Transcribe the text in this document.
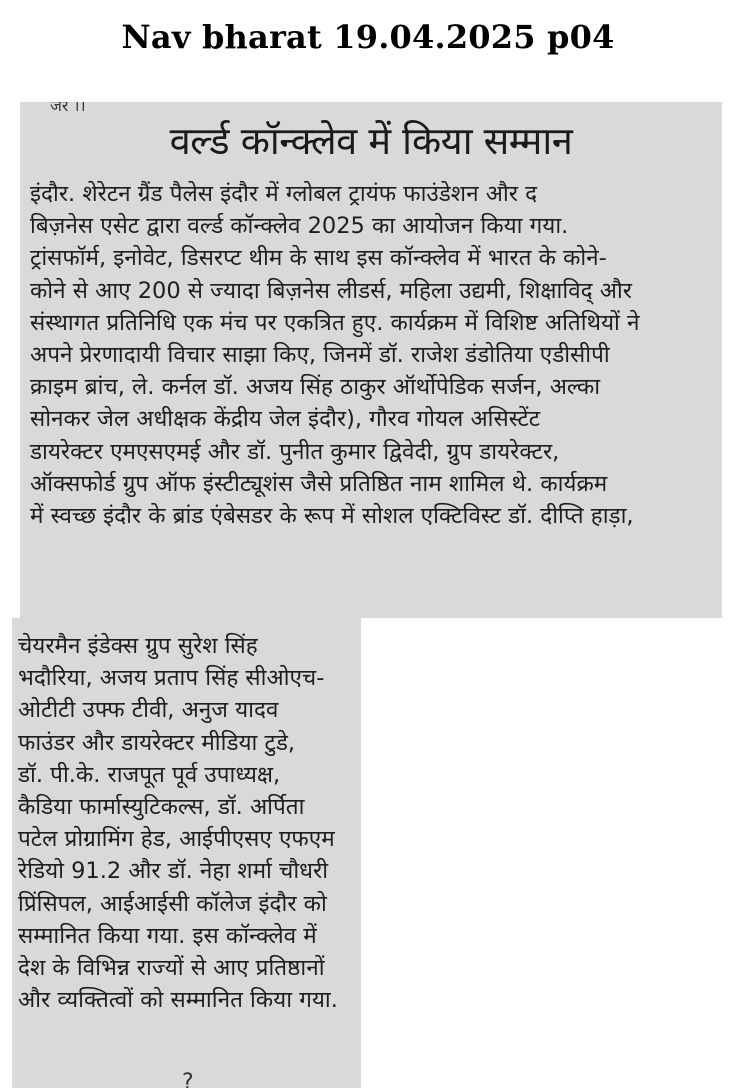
Nav bharat 19.04.2025 p04
जर ।।
वर्ल्ड कॉन्क्लेव में किया सम्मान
इंदौर. शेरेटन ग्रैंड पैलेस इंदौर में ग्लोबल ट्रायंफ फाउंडेशन और द
बिज़नेस एसेट द्वारा वर्ल्ड कॉन्क्लेव 2025 का आयोजन किया गया.
ट्रांसफॉर्म, इनोवेट, डिसरप्ट थीम के साथ इस कॉन्क्लेव में भारत के कोने-
कोने से आए 200 से ज्यादा बिज़नेस लीडर्स, महिला उद्यमी, शिक्षाविद् और
संस्थागत प्रतिनिधि एक मंच पर एकत्रित हुए. कार्यक्रम में विशिष्ट अतिथियों ने
अपने प्रेरणादायी विचार साझा किए, जिनमें डॉ. राजेश डंडोतिया एडीसीपी
क्राइम ब्रांच, ले. कर्नल डॉ. अजय सिंह ठाकुर ऑर्थोपेडिक सर्जन, अल्का
सोनकर जेल अधीक्षक केंद्रीय जेल इंदौर), गौरव गोयल असिस्टेंट
डायरेक्टर एमएसएमई और डॉ. पुनीत कुमार द्विवेदी, ग्रुप डायरेक्टर,
ऑक्सफोर्ड ग्रुप ऑफ इंस्टीट्यूशंस जैसे प्रतिष्ठित नाम शामिल थे. कार्यक्रम
में स्वच्छ इंदौर के ब्रांड एंबेसडर के रूप में सोशल एक्टिविस्ट डॉ. दीप्ति हाड़ा,
चेयरमैन इंडेक्स ग्रुप सुरेश सिंह
भदौरिया, अजय प्रताप सिंह सीओएच-
ओटीटी उफ्फ टीवी, अनुज यादव
फाउंडर और डायरेक्टर मीडिया टुडे,
डॉ. पी.के. राजपूत पूर्व उपाध्यक्ष,
कैडिया फार्मास्युटिकल्स, डॉ. अर्पिता
पटेल प्रोग्रामिंग हेड, आईपीएसए एफएम
रेडियो 91.2 और डॉ. नेहा शर्मा चौधरी
प्रिंसिपल, आईआईसी कॉलेज इंदौर को
सम्मानित किया गया. इस कॉन्क्लेव में
देश के विभिन्न राज्यों से आए प्रतिष्ठानों
और व्यक्तित्वों को सम्मानित किया गया.
?
